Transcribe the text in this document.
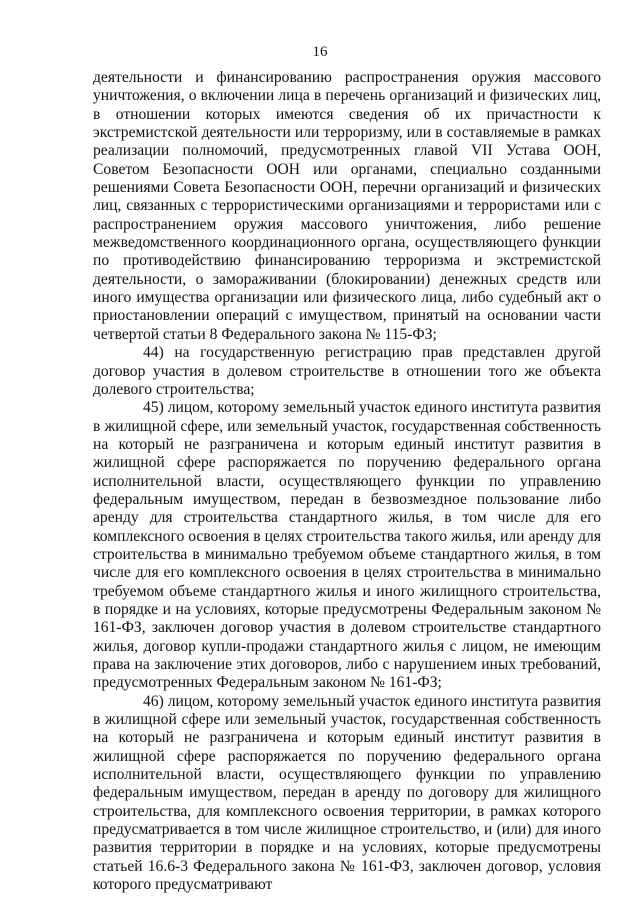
16

деятельности и финансированию распространения оружия массового уничтожения, о включении лица в перечень организаций и физических лиц, в отношении которых имеются сведения об их причастности к экстремистской деятельности или терроризму, или в составляемые в рамках реализации полномочий, предусмотренных главой VII Устава ООН, Советом Безопасности ООН или органами, специально созданными решениями Совета Безопасности ООН, перечни организаций и физических лиц, связанных с террористическими организациями и террористами или с распространением оружия массового уничтожения, либо решение межведомственного координационного органа, осуществляющего функции по противодействию финансированию терроризма и экстремистской деятельности, о замораживании (блокировании) денежных средств или иного имущества организации или физического лица, либо судебный акт о приостановлении операций с имуществом, принятый на основании части четвертой статьи 8 Федерального закона № 115-ФЗ;

44) на государственную регистрацию прав представлен другой договор участия в долевом строительстве в отношении того же объекта долевого строительства;

45) лицом, которому земельный участок единого института развития в жилищной сфере, или земельный участок, государственная собственность на который не разграничена и которым единый институт развития в жилищной сфере распоряжается по поручению федерального органа исполнительной власти, осуществляющего функции по управлению федеральным имуществом, передан в безвозмездное пользование либо аренду для строительства стандартного жилья, в том числе для его комплексного освоения в целях строительства такого жилья, или аренду для строительства в минимально требуемом объеме стандартного жилья, в том числе для его комплексного освоения в целях строительства в минимально требуемом объеме стандартного жилья и иного жилищного строительства, в порядке и на условиях, которые предусмотрены Федеральным законом № 161-ФЗ, заключен договор участия в долевом строительстве стандартного жилья, договор купли-продажи стандартного жилья с лицом, не имеющим права на заключение этих договоров, либо с нарушением иных требований, предусмотренных Федеральным законом № 161-ФЗ;

46) лицом, которому земельный участок единого института развития в жилищной сфере или земельный участок, государственная собственность на который не разграничена и которым единый институт развития в жилищной сфере распоряжается по поручению федерального органа исполнительной власти, осуществляющего функции по управлению федеральным имуществом, передан в аренду по договору для жилищного строительства, для комплексного освоения территории, в рамках которого предусматривается в том числе жилищное строительство, и (или) для иного развития территории в порядке и на условиях, которые предусмотрены статьей 16.6-3 Федерального закона № 161-ФЗ, заключен договор, условия которого предусматривают
